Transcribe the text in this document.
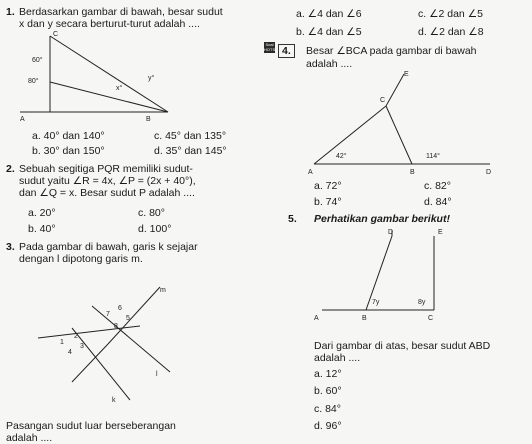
1. Berdasarkan gambar di bawah, besar sudut
x dan y secara berturut-turut adalah ....
C
A	B
60°
80°
x°
y°
a. 40° dan 140°	c. 45° dan 135°
b. 30° dan 150°	d. 35° dan 145°
2. Sebuah segitiga PQR memiliki sudut-
sudut yaitu ∠R = 4x, ∠P = (2x + 40°),
dan ∠Q = x. Besar sudut P adalah ....
a. 20°	c. 80°
b. 40°	d. 100°
3. Pada gambar di bawah, garis k sejajar
dengan l dipotong garis m.
m
l
k
1
2
3
4
5
6
7
8
Pasangan sudut luar berseberangan
adalah ....
a. ∠4 dan ∠6	c. ∠2 dan ∠5
b. ∠4 dan ∠5	d. ∠2 dan ∠8
Soal HOTS 4.	Besar ∠BCA pada gambar di bawah
adalah ....
E
C
A	B	D
42°	114°
a. 72°	c. 82°
b. 74°	d. 84°
5. Perhatikan gambar berikut!
D	E
A	B	C
7y	8y
Dari gambar di atas, besar sudut ABD
adalah ....
a. 12°
b. 60°
c. 84°
d. 96°
